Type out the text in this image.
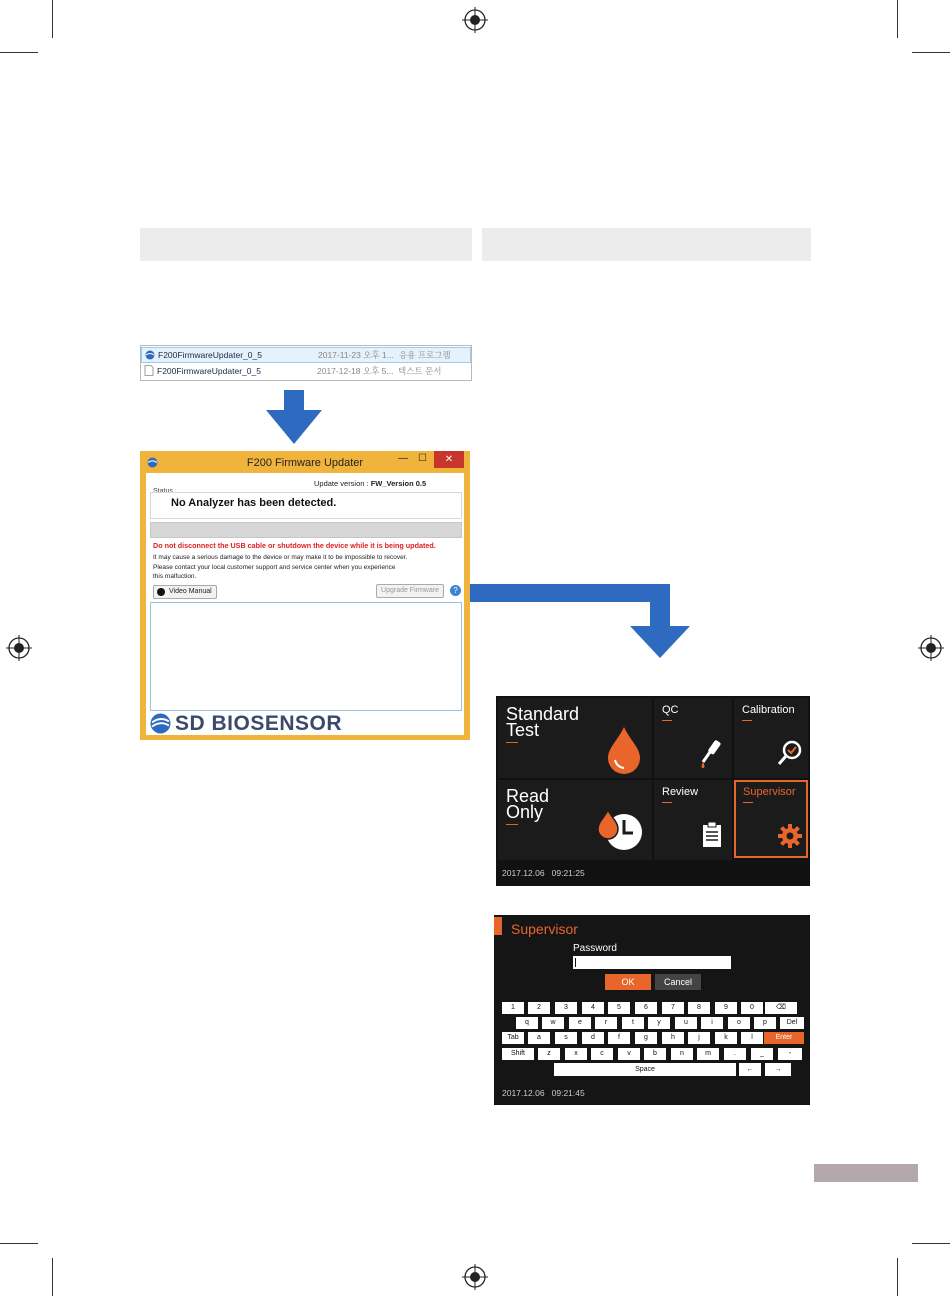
F200FirmwareUpdater_0_5	2017-11-23 오후 1... 응용 프로그램
F200FirmwareUpdater_0_5	2017-12-18 오후 5... 텍스트 문서
F200 Firmware Updater	— ☐	✕
Update version : FW_Version 0.5
Status
No Analyzer has been detected.
Do not disconnect the USB cable or shutdown the device while it is being updated.
It may cause a serious damage to the device or may make it to be impossible to recover.
Please contact your local customer support and service center when you experience
this malfuction.
Video Manual	Upgrade Firmware	?
SD BIOSENSOR	Standard
Test
QC	Calibration
Read
Only
Review	Supervisor
2017.12.06   09:21:25
Supervisor
Password
OK	Cancel
1	2	3	4	5	6	7	8	9	0	⌫
q	w	e	r	t	y	u	i	o	p	Del
Tab	a	s	d	f	g	h	j	k	l	Enter
Shift	z	x	c	v	b	n	m	.	_	-
Space	←	→
2017.12.06   09:21:45
